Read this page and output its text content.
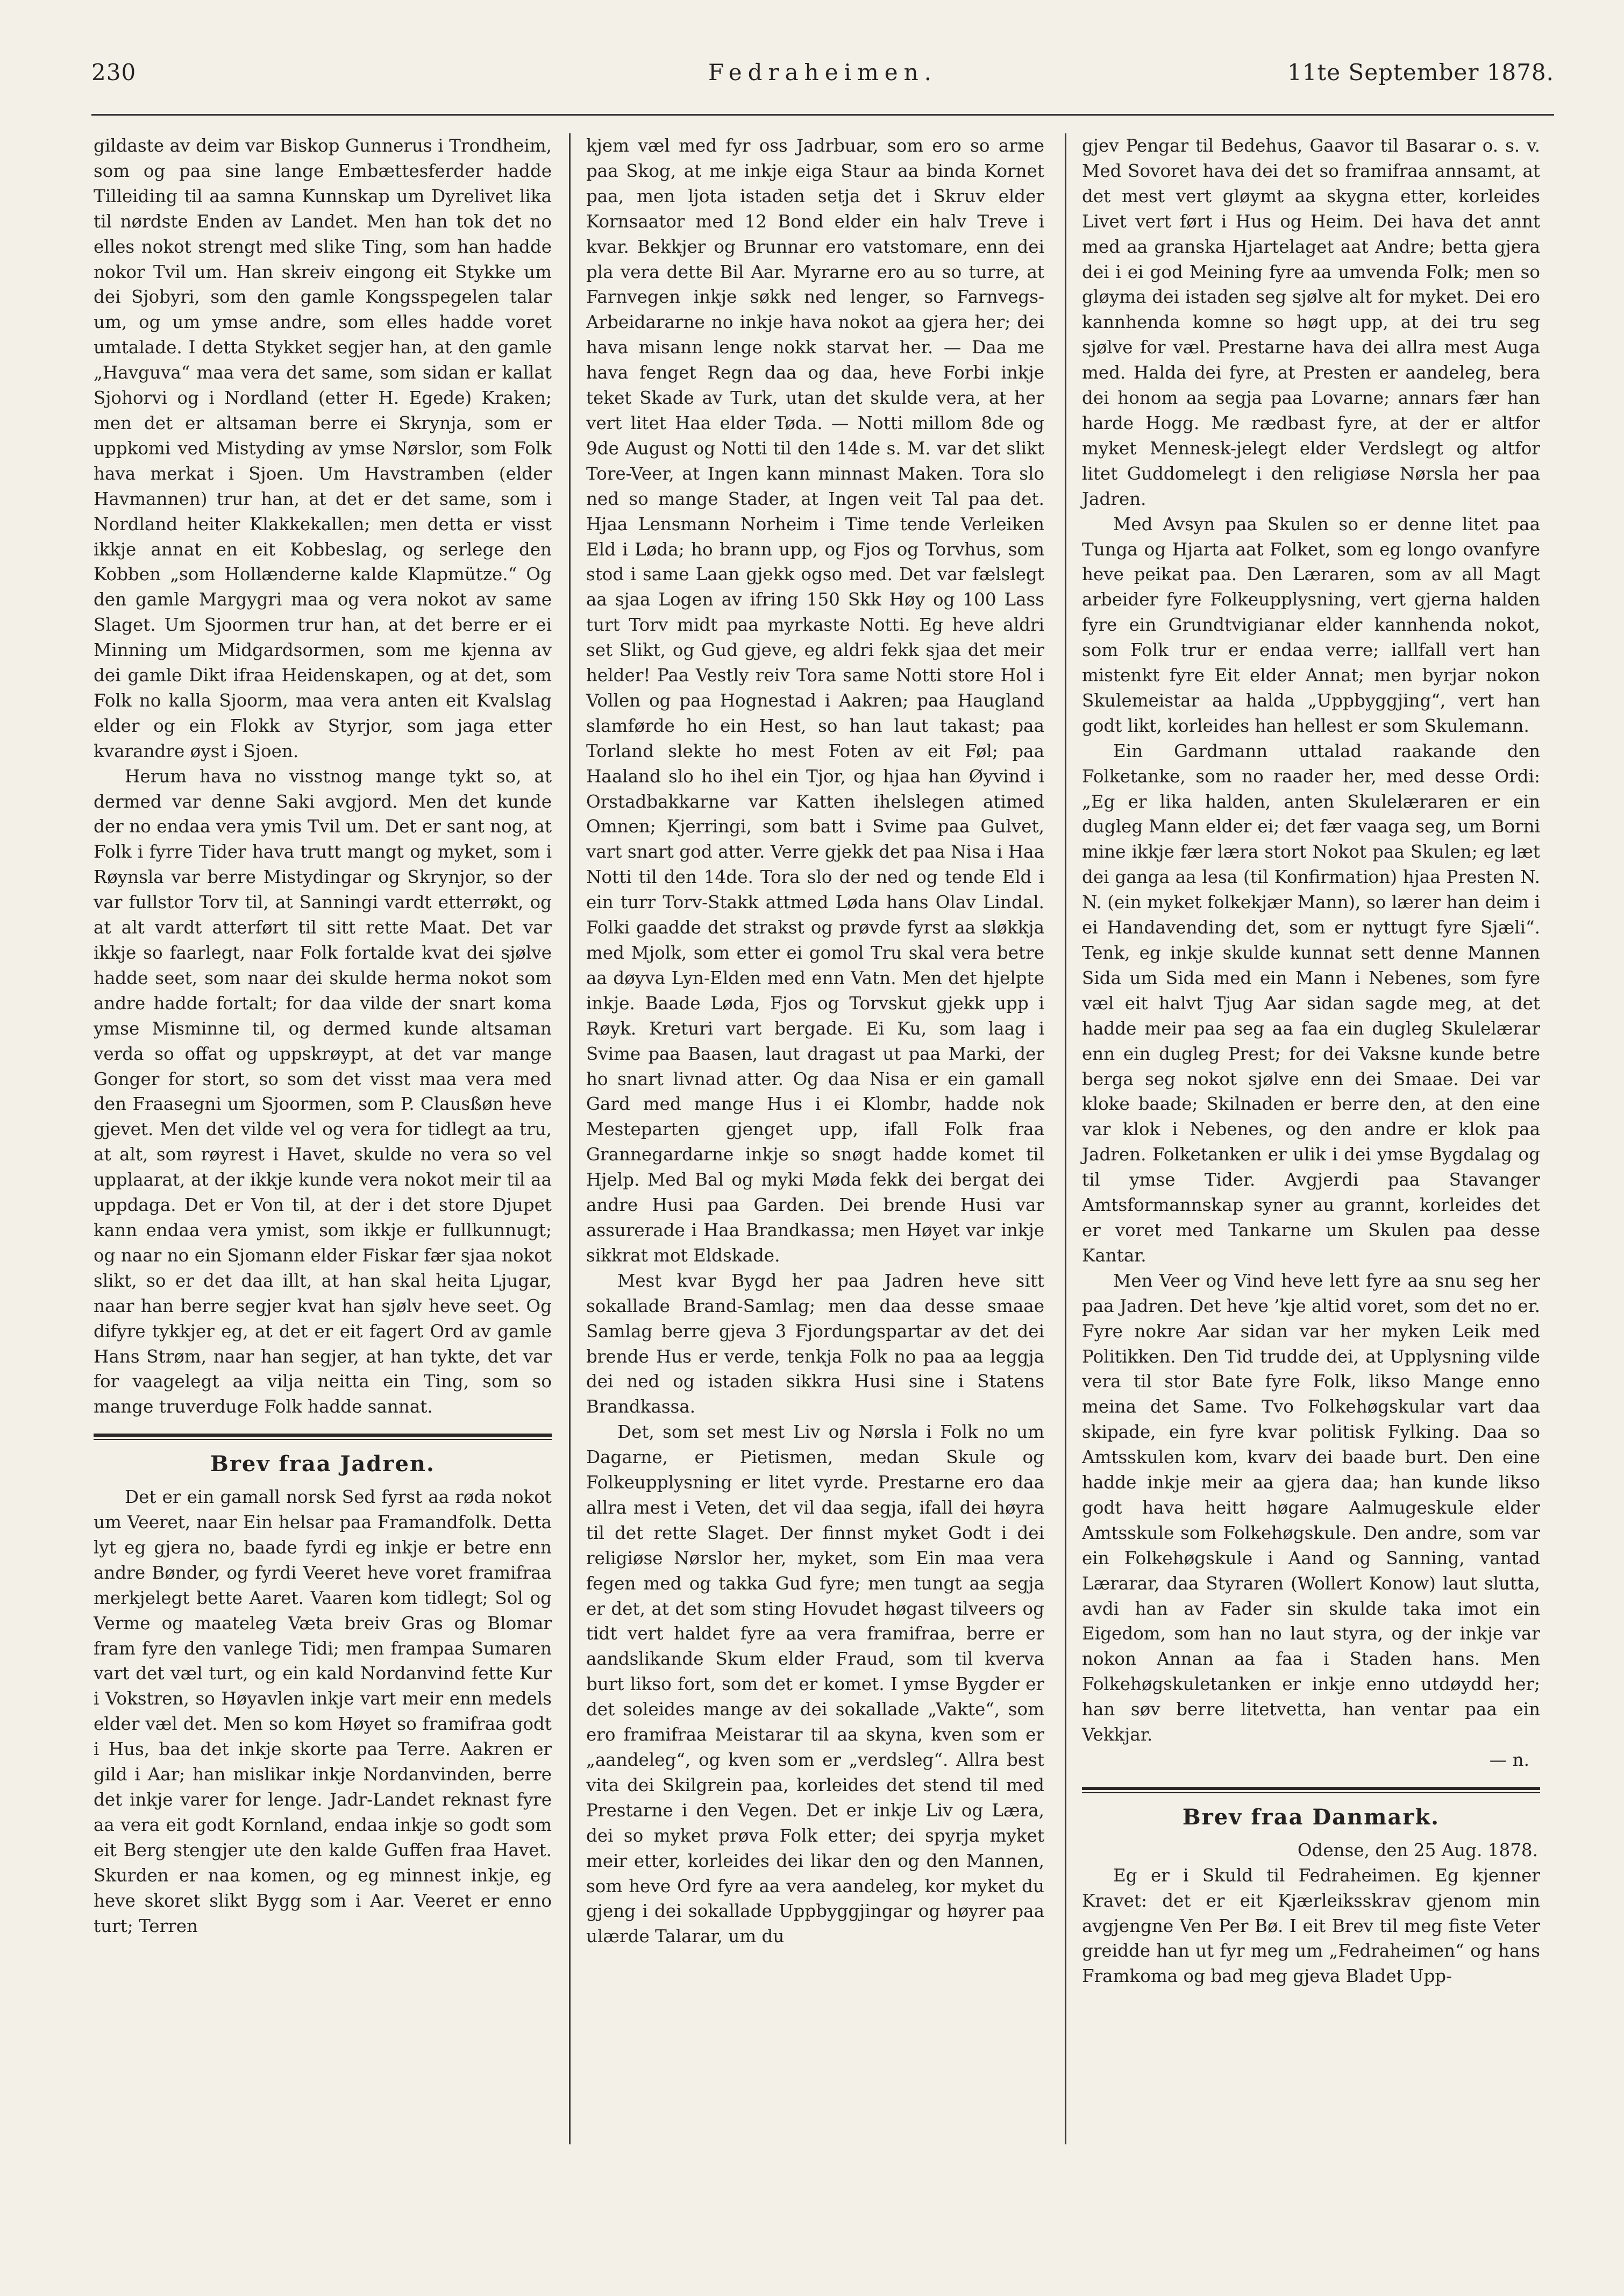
230	Fedraheimen.	11te September 1878.

gildaste av deim var Biskop Gunnerus i Trondheim, som og paa sine lange Embættesferder hadde Tilleiding til aa samna Kunnskap um Dyrelivet lika til nørdste Enden av Landet. Men han tok det no elles nokot strengt med slike Ting, som han hadde nokor Tvil um. Han skreiv eingong eit Stykke um dei Sjobyri, som den gamle Kongsspegelen talar um, og um ymse andre, som elles hadde voret umtalade. I detta Stykket segjer han, at den gamle „Havguva“ maa vera det same, som sidan er kallat Sjohorvi og i Nordland (etter H. Egede) Kraken; men det er altsaman berre ei Skrynja, som er uppkomi ved Mistyding av ymse Nørslor, som Folk hava merkat i Sjoen. Um Havstramben (elder Havmannen) trur han, at det er det same, som i Nordland heiter Klakkekallen; men detta er visst ikkje annat en eit Kobbeslag, og serlege den Kobben „som Hollænderne kalde Klapmütze.“ Og den gamle Margygri maa og vera nokot av same Slaget. Um Sjoormen trur han, at det berre er ei Minning um Midgardsormen, som me kjenna av dei gamle Dikt ifraa Heidenskapen, og at det, som Folk no kalla Sjoorm, maa vera anten eit Kvalslag elder og ein Flokk av Styrjor, som jaga etter kvarandre øyst i Sjoen.

Herum hava no visstnog mange tykt so, at dermed var denne Saki avgjord. Men det kunde der no endaa vera ymis Tvil um. Det er sant nog, at Folk i fyrre Tider hava trutt mangt og myket, som i Røynsla var berre Mistydingar og Skrynjor, so der var fullstor Torv til, at Sanningi vardt etterrøkt, og at alt vardt atterført til sitt rette Maat. Det var ikkje so faarlegt, naar Folk fortalde kvat dei sjølve hadde seet, som naar dei skulde herma nokot som andre hadde fortalt; for daa vilde der snart koma ymse Misminne til, og dermed kunde altsaman verda so offat og uppskrøypt, at det var mange Gonger for stort, so som det visst maa vera med den Fraasegni um Sjoormen, som P. Clausßøn heve gjevet. Men det vilde vel og vera for tidlegt aa tru, at alt, som røyrest i Havet, skulde no vera so vel upplaarat, at der ikkje kunde vera nokot meir til aa uppdaga. Det er Von til, at der i det store Djupet kann endaa vera ymist, som ikkje er fullkunnugt; og naar no ein Sjomann elder Fiskar fær sjaa nokot slikt, so er det daa illt, at han skal heita Ljugar, naar han berre segjer kvat han sjølv heve seet. Og difyre tykkjer eg, at det er eit fagert Ord av gamle Hans Strøm, naar han segjer, at han tykte, det var for vaagelegt aa vilja neitta ein Ting, som so mange truverduge Folk hadde sannat.

Brev fraa Jadren.

Det er ein gamall norsk Sed fyrst aa røda nokot um Veeret, naar Ein helsar paa Framandfolk. Detta lyt eg gjera no, baade fyrdi eg inkje er betre enn andre Bønder, og fyrdi Veeret heve voret framifraa merkjelegt bette Aaret. Vaaren kom tidlegt; Sol og Verme og maateleg Væta breiv Gras og Blomar fram fyre den vanlege Tidi; men frampaa Sumaren vart det væl turt, og ein kald Nordanvind fette Kur i Vokstren, so Høyavlen inkje vart meir enn medels elder væl det. Men so kom Høyet so framifraa godt i Hus, baa det inkje skorte paa Terre. Aakren er gild i Aar; han mislikar inkje Nordanvinden, berre det inkje varer for lenge. Jadr-Landet reknast fyre aa vera eit godt Kornland, endaa inkje so godt som eit Berg stengjer ute den kalde Guffen fraa Havet. Skurden er naa komen, og eg minnest inkje, eg heve skoret slikt Bygg som i Aar. Veeret er enno turt; Terren

kjem væl med fyr oss Jadrbuar, som ero so arme paa Skog, at me inkje eiga Staur aa binda Kornet paa, men ljota istaden setja det i Skruv elder Kornsaator med 12 Bond elder ein halv Treve i kvar. Bekkjer og Brunnar ero vatstomare, enn dei pla vera dette Bil Aar. Myrarne ero au so turre, at Farnvegen inkje søkk ned lenger, so Farnvegs-Arbeidararne no inkje hava nokot aa gjera her; dei hava misann lenge nokk starvat her. — Daa me hava fenget Regn daa og daa, heve Forbi inkje teket Skade av Turk, utan det skulde vera, at her vert litet Haa elder Tøda. — Notti millom 8de og 9de August og Notti til den 14de s. M. var det slikt Tore-Veer, at Ingen kann minnast Maken. Tora slo ned so mange Stader, at Ingen veit Tal paa det. Hjaa Lensmann Norheim i Time tende Verleiken Eld i Løda; ho brann upp, og Fjos og Torvhus, som stod i same Laan gjekk ogso med. Det var fælslegt aa sjaa Logen av ifring 150 Skk Høy og 100 Lass turt Torv midt paa myrkaste Notti. Eg heve aldri set Slikt, og Gud gjeve, eg aldri fekk sjaa det meir helder! Paa Vestly reiv Tora same Notti store Hol i Vollen og paa Hognestad i Aakren; paa Haugland slamførde ho ein Hest, so han laut takast; paa Torland slekte ho mest Foten av eit Føl; paa Haaland slo ho ihel ein Tjor, og hjaa han Øyvind i Orstadbakkarne var Katten ihelslegen atimed Omnen; Kjerringi, som batt i Svime paa Gulvet, vart snart god atter. Verre gjekk det paa Nisa i Haa Notti til den 14de. Tora slo der ned og tende Eld i ein turr Torv-Stakk attmed Løda hans Olav Lindal. Folki gaadde det strakst og prøvde fyrst aa sløkkja med Mjolk, som etter ei gomol Tru skal vera betre aa døyva Lyn-Elden med enn Vatn. Men det hjelpte inkje. Baade Løda, Fjos og Torvskut gjekk upp i Røyk. Kreturi vart bergade. Ei Ku, som laag i Svime paa Baasen, laut dragast ut paa Marki, der ho snart livnad atter. Og daa Nisa er ein gamall Gard med mange Hus i ei Klombr, hadde nok Mesteparten gjenget upp, ifall Folk fraa Grannegardarne inkje so snøgt hadde komet til Hjelp. Med Bal og myki Møda fekk dei bergat dei andre Husi paa Garden. Dei brende Husi var assurerade i Haa Brandkassa; men Høyet var inkje sikkrat mot Eldskade.

Mest kvar Bygd her paa Jadren heve sitt sokallade Brand-Samlag; men daa desse smaae Samlag berre gjeva 3 Fjordungspartar av det dei brende Hus er verde, tenkja Folk no paa aa leggja dei ned og istaden sikkra Husi sine i Statens Brandkassa.

Det, som set mest Liv og Nørsla i Folk no um Dagarne, er Pietismen, medan Skule og Folkeupplysning er litet vyrde. Prestarne ero daa allra mest i Veten, det vil daa segja, ifall dei høyra til det rette Slaget. Der finnst myket Godt i dei religiøse Nørslor her, myket, som Ein maa vera fegen med og takka Gud fyre; men tungt aa segja er det, at det som sting Hovudet høgast tilveers og tidt vert haldet fyre aa vera framifraa, berre er aandslikande Skum elder Fraud, som til kverva burt likso fort, som det er komet. I ymse Bygder er det soleides mange av dei sokallade „Vakte“, som ero framifraa Meistarar til aa skyna, kven som er „aandeleg“, og kven som er „verdsleg“. Allra best vita dei Skilgrein paa, korleides det stend til med Prestarne i den Vegen. Det er inkje Liv og Læra, dei so myket prøva Folk etter; dei spyrja myket meir etter, korleides dei likar den og den Mannen, som heve Ord fyre aa vera aandeleg, kor myket du gjeng i dei sokallade Uppbyggjingar og høyrer paa ulærde Talarar, um du

gjev Pengar til Bedehus, Gaavor til Basarar o. s. v. Med Sovoret hava dei det so framifraa annsamt, at det mest vert gløymt aa skygna etter, korleides Livet vert ført i Hus og Heim. Dei hava det annt med aa granska Hjartelaget aat Andre; betta gjera dei i ei god Meining fyre aa umvenda Folk; men so gløyma dei istaden seg sjølve alt for myket. Dei ero kannhenda komne so høgt upp, at dei tru seg sjølve for væl. Prestarne hava dei allra mest Auga med. Halda dei fyre, at Presten er aandeleg, bera dei honom aa segja paa Lovarne; annars fær han harde Hogg. Me rædbast fyre, at der er altfor myket Mennesk-jelegt elder Verdslegt og altfor litet Guddomelegt i den religiøse Nørsla her paa Jadren.

Med Avsyn paa Skulen so er denne litet paa Tunga og Hjarta aat Folket, som eg longo ovanfyre heve peikat paa. Den Læraren, som av all Magt arbeider fyre Folkeupplysning, vert gjerna halden fyre ein Grundtvigianar elder kannhenda nokot, som Folk trur er endaa verre; iallfall vert han mistenkt fyre Eit elder Annat; men byrjar nokon Skulemeistar aa halda „Uppbyggjing“, vert han godt likt, korleides han hellest er som Skulemann.

Ein Gardmann uttalad raakande den Folketanke, som no raader her, med desse Ordi: „Eg er lika halden, anten Skulelæraren er ein dugleg Mann elder ei; det fær vaaga seg, um Borni mine ikkje fær læra stort Nokot paa Skulen; eg læt dei ganga aa lesa (til Konfirmation) hjaa Presten N. N. (ein myket folkekjær Mann), so lærer han deim i ei Handavending det, som er nyttugt fyre Sjæli“. Tenk, eg inkje skulde kunnat sett denne Mannen Sida um Sida med ein Mann i Nebenes, som fyre væl eit halvt Tjug Aar sidan sagde meg, at det hadde meir paa seg aa faa ein dugleg Skulelærar enn ein dugleg Prest; for dei Vaksne kunde betre berga seg nokot sjølve enn dei Smaae. Dei var kloke baade; Skilnaden er berre den, at den eine var klok i Nebenes, og den andre er klok paa Jadren. Folketanken er ulik i dei ymse Bygdalag og til ymse Tider. Avgjerdi paa Stavanger Amtsformannskap syner au grannt, korleides det er voret med Tankarne um Skulen paa desse Kantar.

Men Veer og Vind heve lett fyre aa snu seg her paa Jadren. Det heve ’kje altid voret, som det no er. Fyre nokre Aar sidan var her myken Leik med Politikken. Den Tid trudde dei, at Upplysning vilde vera til stor Bate fyre Folk, likso Mange enno meina det Same. Tvo Folkehøgskular vart daa skipade, ein fyre kvar politisk Fylking. Daa so Amtsskulen kom, kvarv dei baade burt. Den eine hadde inkje meir aa gjera daa; han kunde likso godt hava heitt høgare Aalmugeskule elder Amtsskule som Folkehøgskule. Den andre, som var ein Folkehøgskule i Aand og Sanning, vantad Lærarar, daa Styraren (Wollert Konow) laut slutta, avdi han av Fader sin skulde taka imot ein Eigedom, som han no laut styra, og der inkje var nokon Annan aa faa i Staden hans. Men Folkehøgskuletanken er inkje enno utdøydd her; han søv berre litetvetta, han ventar paa ein Vekkjar.

— n.

Brev fraa Danmark.

Odense, den 25 Aug. 1878.

Eg er i Skuld til Fedraheimen. Eg kjenner Kravet: det er eit Kjærleiksskrav gjenom min avgjengne Ven Per Bø. I eit Brev til meg fiste Veter greidde han ut fyr meg um „Fedraheimen“ og hans Framkoma og bad meg gjeva Bladet Upp-
